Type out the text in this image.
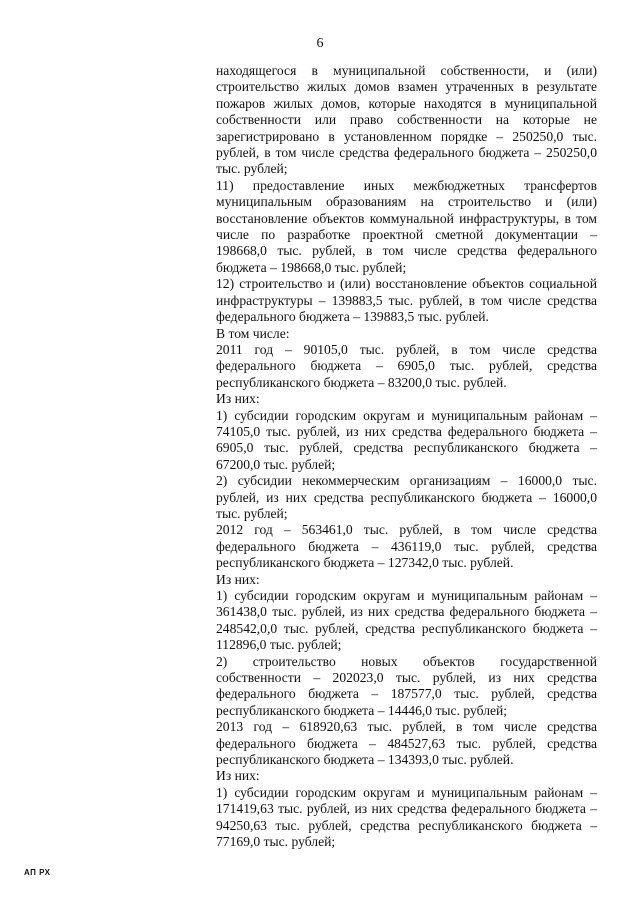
6

находящегося в муниципальной собственности, и (или) строительство жилых домов взамен утраченных в результате пожаров жилых домов, которые находятся в муниципальной собственности или право собственности на которые не зарегистрировано в установленном порядке – 250250,0 тыс. рублей, в том числе средства федерального бюджета – 250250,0 тыс. рублей;

11) предоставление иных межбюджетных трансфертов муниципальным образованиям на строительство и (или) восстановление объектов коммунальной инфраструктуры, в том числе по разработке проектной сметной документации – 198668,0 тыс. рублей, в том числе средства федерального бюджета – 198668,0 тыс. рублей;

12) строительство и (или) восстановление объектов социальной инфраструктуры – 139883,5 тыс. рублей, в том числе средства федерального бюджета – 139883,5 тыс. рублей.

В том числе:

2011 год – 90105,0 тыс. рублей, в том числе средства федерального бюджета – 6905,0 тыс. рублей, средства республиканского бюджета – 83200,0 тыс. рублей.

Из них:

1) субсидии городским округам и муниципальным районам – 74105,0 тыс. рублей, из них средства федерального бюджета – 6905,0 тыс. рублей, средства республиканского бюджета – 67200,0 тыс. рублей;

2) субсидии некоммерческим организациям – 16000,0 тыс. рублей, из них средства республиканского бюджета – 16000,0 тыс. рублей;

2012 год – 563461,0 тыс. рублей, в том числе средства федерального бюджета – 436119,0 тыс. рублей, средства республиканского бюджета – 127342,0 тыс. рублей.

Из них:

1) субсидии городским округам и муниципальным районам – 361438,0 тыс. рублей, из них средства федерального бюджета – 248542,0,0 тыс. рублей, средства республиканского бюджета – 112896,0 тыс. рублей;

2) строительство новых объектов государственной собственности – 202023,0 тыс. рублей, из них средства федерального бюджета – 187577,0 тыс. рублей, средства республиканского бюджета – 14446,0 тыс. рублей;

2013 год – 618920,63 тыс. рублей, в том числе средства федерального бюджета – 484527,63 тыс. рублей, средства республиканского бюджета – 134393,0 тыс. рублей.

Из них:

1) субсидии городским округам и муниципальным районам – 171419,63 тыс. рублей, из них средства федерального бюджета – 94250,63 тыс. рублей, средства республиканского бюджета – 77169,0 тыс. рублей;

АП РХ
